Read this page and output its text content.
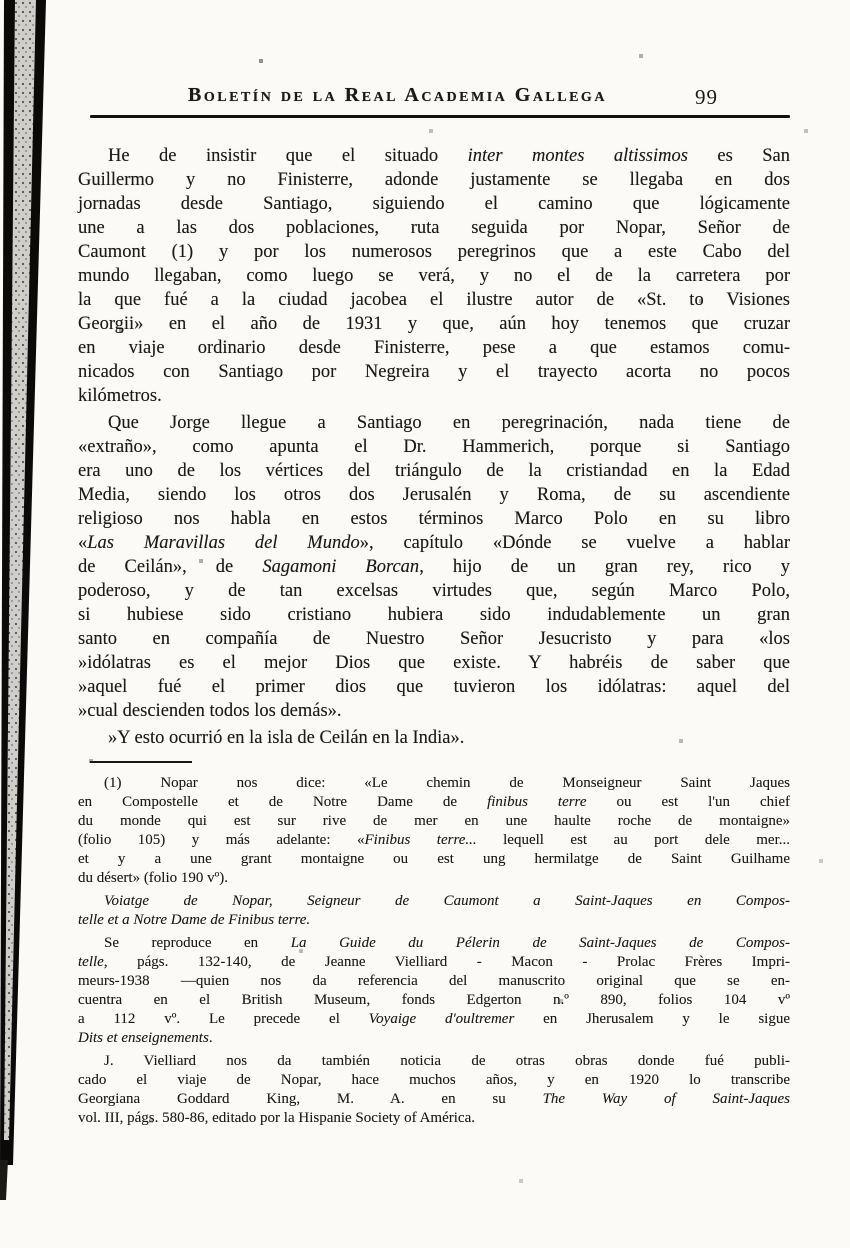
Boletín de la Real Academia Gallega	99
He de insistir que el situado inter montes altissimos es San
Guillermo y no Finisterre, adonde justamente se llegaba en dos
jornadas desde Santiago, siguiendo el camino que lógicamente
une a las dos poblaciones, ruta seguida por Nopar, Señor de
Caumont (1) y por los numerosos peregrinos que a este Cabo del
mundo llegaban, como luego se verá, y no el de la carretera por
la que fué a la ciudad jacobea el ilustre autor de «St. to Visiones
Georgii» en el año de 1931 y que, aún hoy tenemos que cruzar
en viaje ordinario desde Finisterre, pese a que estamos comu-
nicados con Santiago por Negreira y el trayecto acorta no pocos
kilómetros.
Que Jorge llegue a Santiago en peregrinación, nada tiene de
«extraño», como apunta el Dr. Hammerich, porque si Santiago
era uno de los vértices del triángulo de la cristiandad en la Edad
Media, siendo los otros dos Jerusalén y Roma, de su ascendiente
religioso nos habla en estos términos Marco Polo en su libro
«Las Maravillas del Mundo», capítulo «Dónde se vuelve a hablar
de Ceilán», de Sagamoni Borcan, hijo de un gran rey, rico y
poderoso, y de tan excelsas virtudes que, según Marco Polo,
si hubiese sido cristiano hubiera sido indudablemente un gran
santo en compañía de Nuestro Señor Jesucristo y para «los
»idólatras es el mejor Dios que existe. Y habréis de saber que
»aquel fué el primer dios que tuvieron los idólatras: aquel del
»cual descienden todos los demás».
»Y esto ocurrió en la isla de Ceilán en la India».
(1) Nopar nos dice: «Le chemin de Monseigneur Saint Jaques
en Compostelle et de Notre Dame de finibus terre ou est l'un chief
du monde qui est sur rive de mer en une haulte roche de montaigne»
(folio 105) y más adelante: «Finibus terre... lequell est au port dele mer...
et y a une grant montaigne ou est ung hermilatge de Saint Guilhame
du désert» (folio 190 vº).
Voiatge de Nopar, Seigneur de Caumont a Saint-Jaques en Compos-
telle et a Notre Dame de Finibus terre.
Se reproduce en La Guide du Pélerin de Saint-Jaques de Compos-
telle, págs. 132-140, de Jeanne Vielliard - Macon - Prolac Frères Impri-
meurs-1938 —quien nos da referencia del manuscrito original que se en-
cuentra en el British Museum, fonds Edgerton n.º 890, folios 104 vº
a 112 vº. Le precede el Voyaige d'oultremer en Jherusalem y le sigue
Dits et enseignements.
J. Vielliard nos da también noticia de otras obras donde fué publi-
cado el viaje de Nopar, hace muchos años, y en 1920 lo transcribe
Georgiana Goddard King, M. A. en su The Way of Saint-Jaques
vol. III, págs. 580-86, editado por la Hispanie Society of América.
